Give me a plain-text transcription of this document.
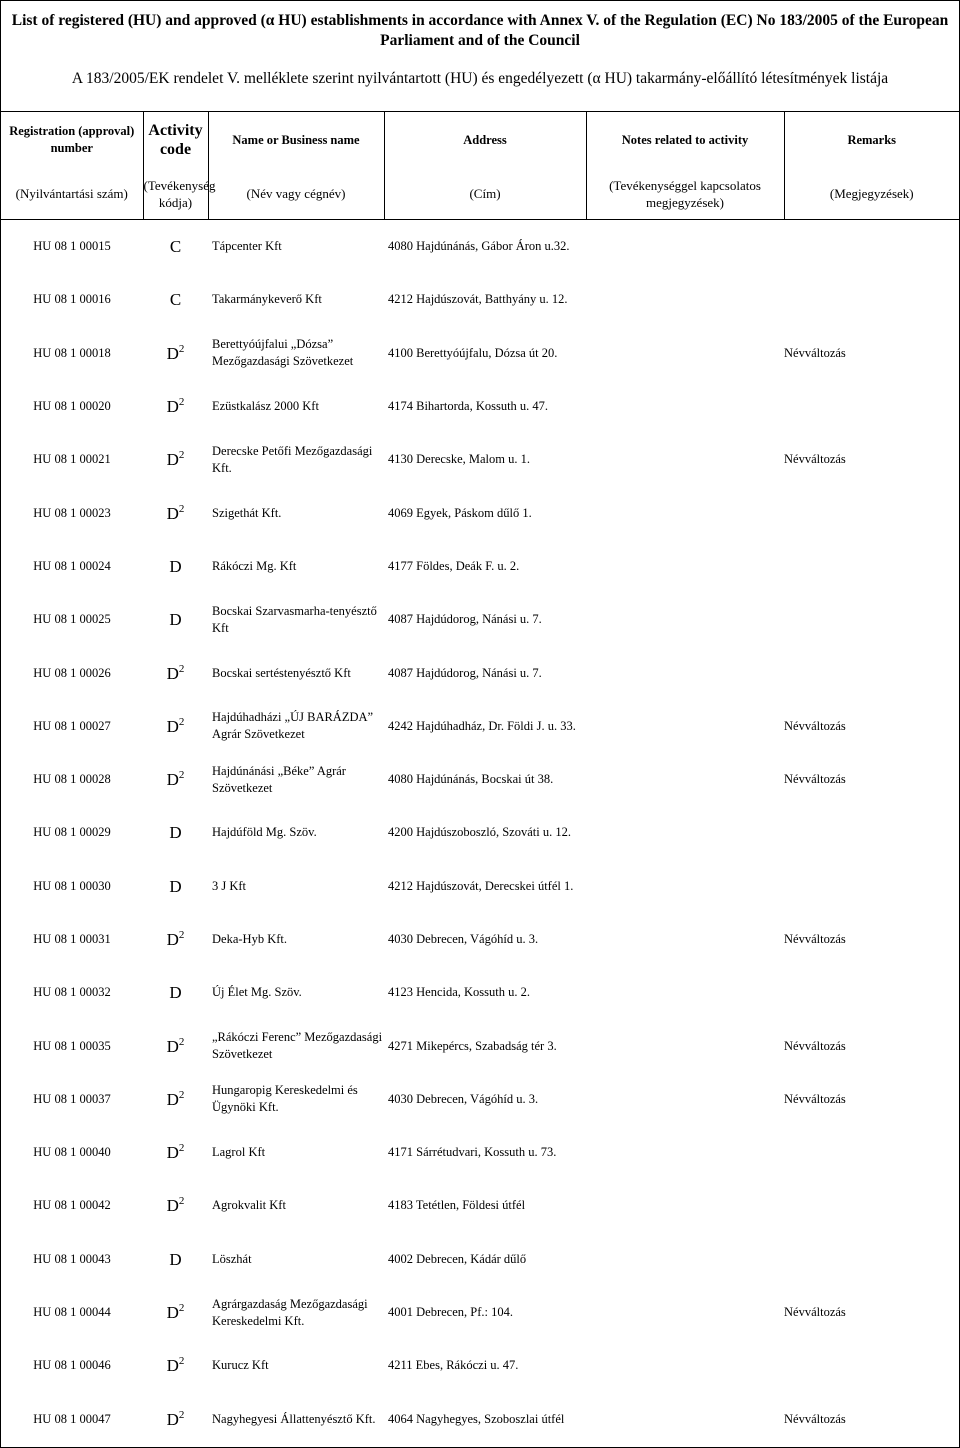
List of registered (HU) and approved (α HU) establishments in accordance with Annex V. of the Regulation (EC) No 183/2005 of the European Parliament and of the Council
A 183/2005/EK rendelet V. melléklete szerint nyilvántartott (HU) és engedélyezett (α HU) takarmány-előállító létesítmények listája
Registration (approval) number	Activity code	Name or Business name	Address	Notes related to activity	Remarks
(Nyilvántartási szám)	(Tevékenység kódja)	(Név vagy cégnév)	(Cím)	(Tevékenységgel kapcsolatos megjegyzések)	(Megjegyzések)
HU 08 1 00015	C	Tápcenter Kft	4080 Hajdúnánás, Gábor Áron u.32.		
HU 08 1 00016	C	Takarmánykeverő Kft	4212 Hajdúszovát, Batthyány u. 12.		
HU 08 1 00018	$D^2$	Berettyóújfalui „Dózsa” Mezőgazdasági Szövetkezet	4100 Berettyóújfalu, Dózsa út 20.		Névváltozás
HU 08 1 00020	$D^2$	Ezüstkalász 2000 Kft	4174 Bihartorda, Kossuth u. 47.		
HU 08 1 00021	$D^2$	Derecske Petőfi Mezőgazdasági Kft.	4130 Derecske, Malom u. 1.		Névváltozás
HU 08 1 00023	$D^2$	Szigethát Kft.	4069 Egyek, Páskom dűlő 1.		
HU 08 1 00024	D	Rákóczi Mg. Kft	4177 Földes, Deák F. u. 2.		
HU 08 1 00025	D	Bocskai Szarvasmarha-tenyésztő Kft	4087 Hajdúdorog, Nánási u. 7.		
HU 08 1 00026	$D^2$	Bocskai sertéstenyésztő Kft	4087 Hajdúdorog, Nánási u. 7.		
HU 08 1 00027	$D^2$	Hajdúhadházi „ÚJ BARÁZDA” Agrár Szövetkezet	4242 Hajdúhadház, Dr. Földi J. u. 33.		Névváltozás
HU 08 1 00028	$D^2$	Hajdúnánási „Béke” Agrár Szövetkezet	4080 Hajdúnánás, Bocskai út 38.		Névváltozás
HU 08 1 00029	D	Hajdúföld Mg. Szöv.	4200 Hajdúszoboszló, Szováti u. 12.		
HU 08 1 00030	D	3 J Kft	4212 Hajdúszovát, Derecskei útfél 1.		
HU 08 1 00031	$D^2$	Deka-Hyb Kft.	4030 Debrecen, Vágóhíd u. 3.		Névváltozás
HU 08 1 00032	D	Új Élet Mg. Szöv.	4123 Hencida, Kossuth u. 2.		
HU 08 1 00035	$D^2$	„Rákóczi Ferenc” Mezőgazdasági Szövetkezet	4271 Mikepércs, Szabadság tér 3.		Névváltozás
HU 08 1 00037	$D^2$	Hungaropig Kereskedelmi és Ügynöki Kft.	4030 Debrecen, Vágóhíd u. 3.		Névváltozás
HU 08 1 00040	$D^2$	Lagrol Kft	4171 Sárrétudvari, Kossuth u. 73.		
HU 08 1 00042	$D^2$	Agrokvalit Kft	4183 Tetétlen, Földesi útfél		
HU 08 1 00043	D	Löszhát	4002 Debrecen, Kádár dűlő		
HU 08 1 00044	$D^2$	Agrárgazdaság Mezőgazdasági Kereskedelmi Kft.	4001 Debrecen, Pf.: 104.		Névváltozás
HU 08 1 00046	$D^2$	Kurucz Kft	4211 Ebes, Rákóczi u. 47.		
HU 08 1 00047	$D^2$	Nagyhegyesi Állattenyésztő Kft.	4064 Nagyhegyes, Szoboszlai útfél		Névváltozás
